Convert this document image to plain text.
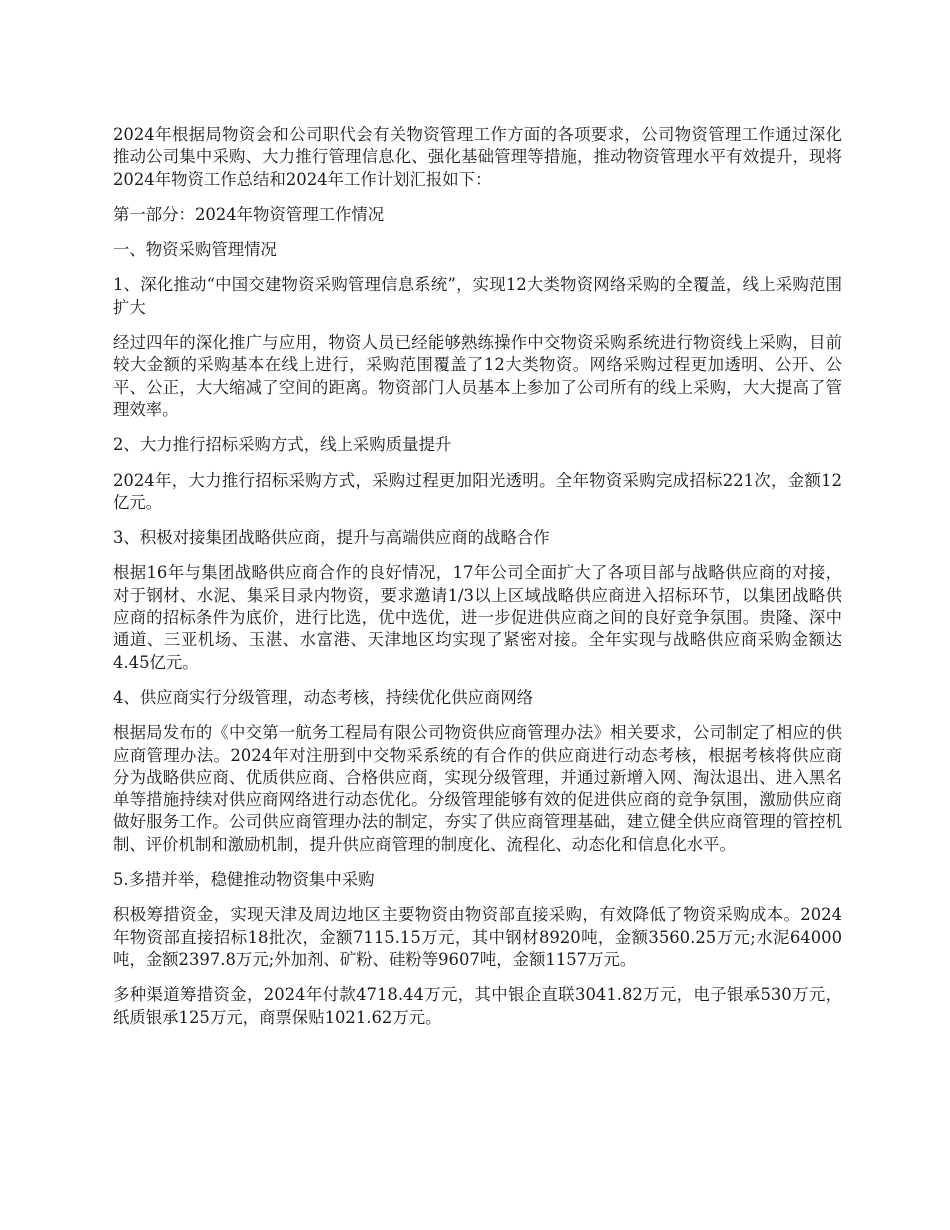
2024年根据局物资会和公司职代会有关物资管理工作方面的各项要求，公司物资管理工作通过深化推动公司集中采购、大力推行管理信息化、强化基础管理等措施，推动物资管理水平有效提升，现将2024年物资工作总结和2024年工作计划汇报如下：

第一部分：2024年物资管理工作情况

一、物资采购管理情况

1、深化推动“中国交建物资采购管理信息系统”，实现12大类物资网络采购的全覆盖，线上采购范围扩大

经过四年的深化推广与应用，物资人员已经能够熟练操作中交物资采购系统进行物资线上采购，目前较大金额的采购基本在线上进行，采购范围覆盖了12大类物资。网络采购过程更加透明、公开、公平、公正，大大缩减了空间的距离。物资部门人员基本上参加了公司所有的线上采购，大大提高了管理效率。

2、大力推行招标采购方式，线上采购质量提升

2024年，大力推行招标采购方式，采购过程更加阳光透明。全年物资采购完成招标221次，金额12亿元。

3、积极对接集团战略供应商，提升与高端供应商的战略合作

根据16年与集团战略供应商合作的良好情况，17年公司全面扩大了各项目部与战略供应商的对接，对于钢材、水泥、集采目录内物资，要求邀请1/3以上区域战略供应商进入招标环节，以集团战略供应商的招标条件为底价，进行比选，优中选优，进一步促进供应商之间的良好竞争氛围。贵隆、深中通道、三亚机场、玉湛、水富港、天津地区均实现了紧密对接。全年实现与战略供应商采购金额达4.45亿元。

4、供应商实行分级管理，动态考核，持续优化供应商网络

根据局发布的《中交第一航务工程局有限公司物资供应商管理办法》相关要求，公司制定了相应的供应商管理办法。2024年对注册到中交物采系统的有合作的供应商进行动态考核，根据考核将供应商分为战略供应商、优质供应商、合格供应商，实现分级管理，并通过新增入网、淘汰退出、进入黑名单等措施持续对供应商网络进行动态优化。分级管理能够有效的促进供应商的竞争氛围，激励供应商做好服务工作。公司供应商管理办法的制定，夯实了供应商管理基础，建立健全供应商管理的管控机制、评价机制和激励机制，提升供应商管理的制度化、流程化、动态化和信息化水平。

5.多措并举，稳健推动物资集中采购

积极筹措资金，实现天津及周边地区主要物资由物资部直接采购，有效降低了物资采购成本。2024年物资部直接招标18批次，金额7115.15万元，其中钢材8920吨，金额3560.25万元;水泥64000吨，金额2397.8万元;外加剂、矿粉、硅粉等9607吨，金额1157万元。

多种渠道筹措资金，2024年付款4718.44万元，其中银企直联3041.82万元，电子银承530万元，纸质银承125万元，商票保贴1021.62万元。
